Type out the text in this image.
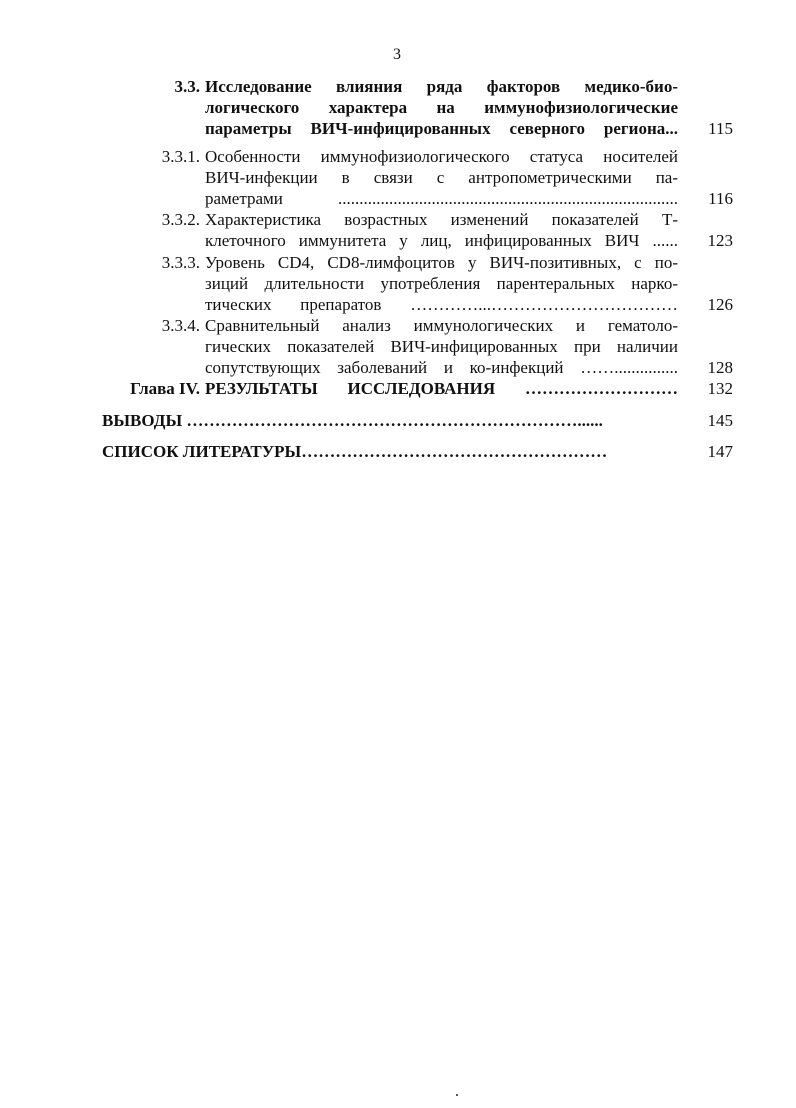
3
3.3. Исследование влияния ряда факторов медико-био-
логического характера на иммунофизиологические
параметры ВИЧ-инфицированных северного региона...	115
3.3.1. Особенности иммунофизиологического статуса носителей
ВИЧ-инфекции в связи с антропометрическими па-
раметрами ................................................................................	116
3.3.2. Характеристика возрастных изменений показателей Т-
клеточного иммунитета у лиц, инфицированных ВИЧ ......	123
3.3.3. Уровень CD4, CD8-лимфоцитов у ВИЧ-позитивных, с по-
зиций длительности употребления парентеральных нарко-
тических препаратов …………...……………………………	126
3.3.4. Сравнительный анализ иммунологических и гематоло-
гических показателей ВИЧ-инфицированных при наличии
сопутствующих заболеваний и ко-инфекций ……...............	128
Глава IV. РЕЗУЛЬТАТЫ ИССЛЕДОВАНИЯ ………………………	132
ВЫВОДЫ ……………………………………………………………......	145
СПИСОК ЛИТЕРАТУРЫ………………………………………………	147
